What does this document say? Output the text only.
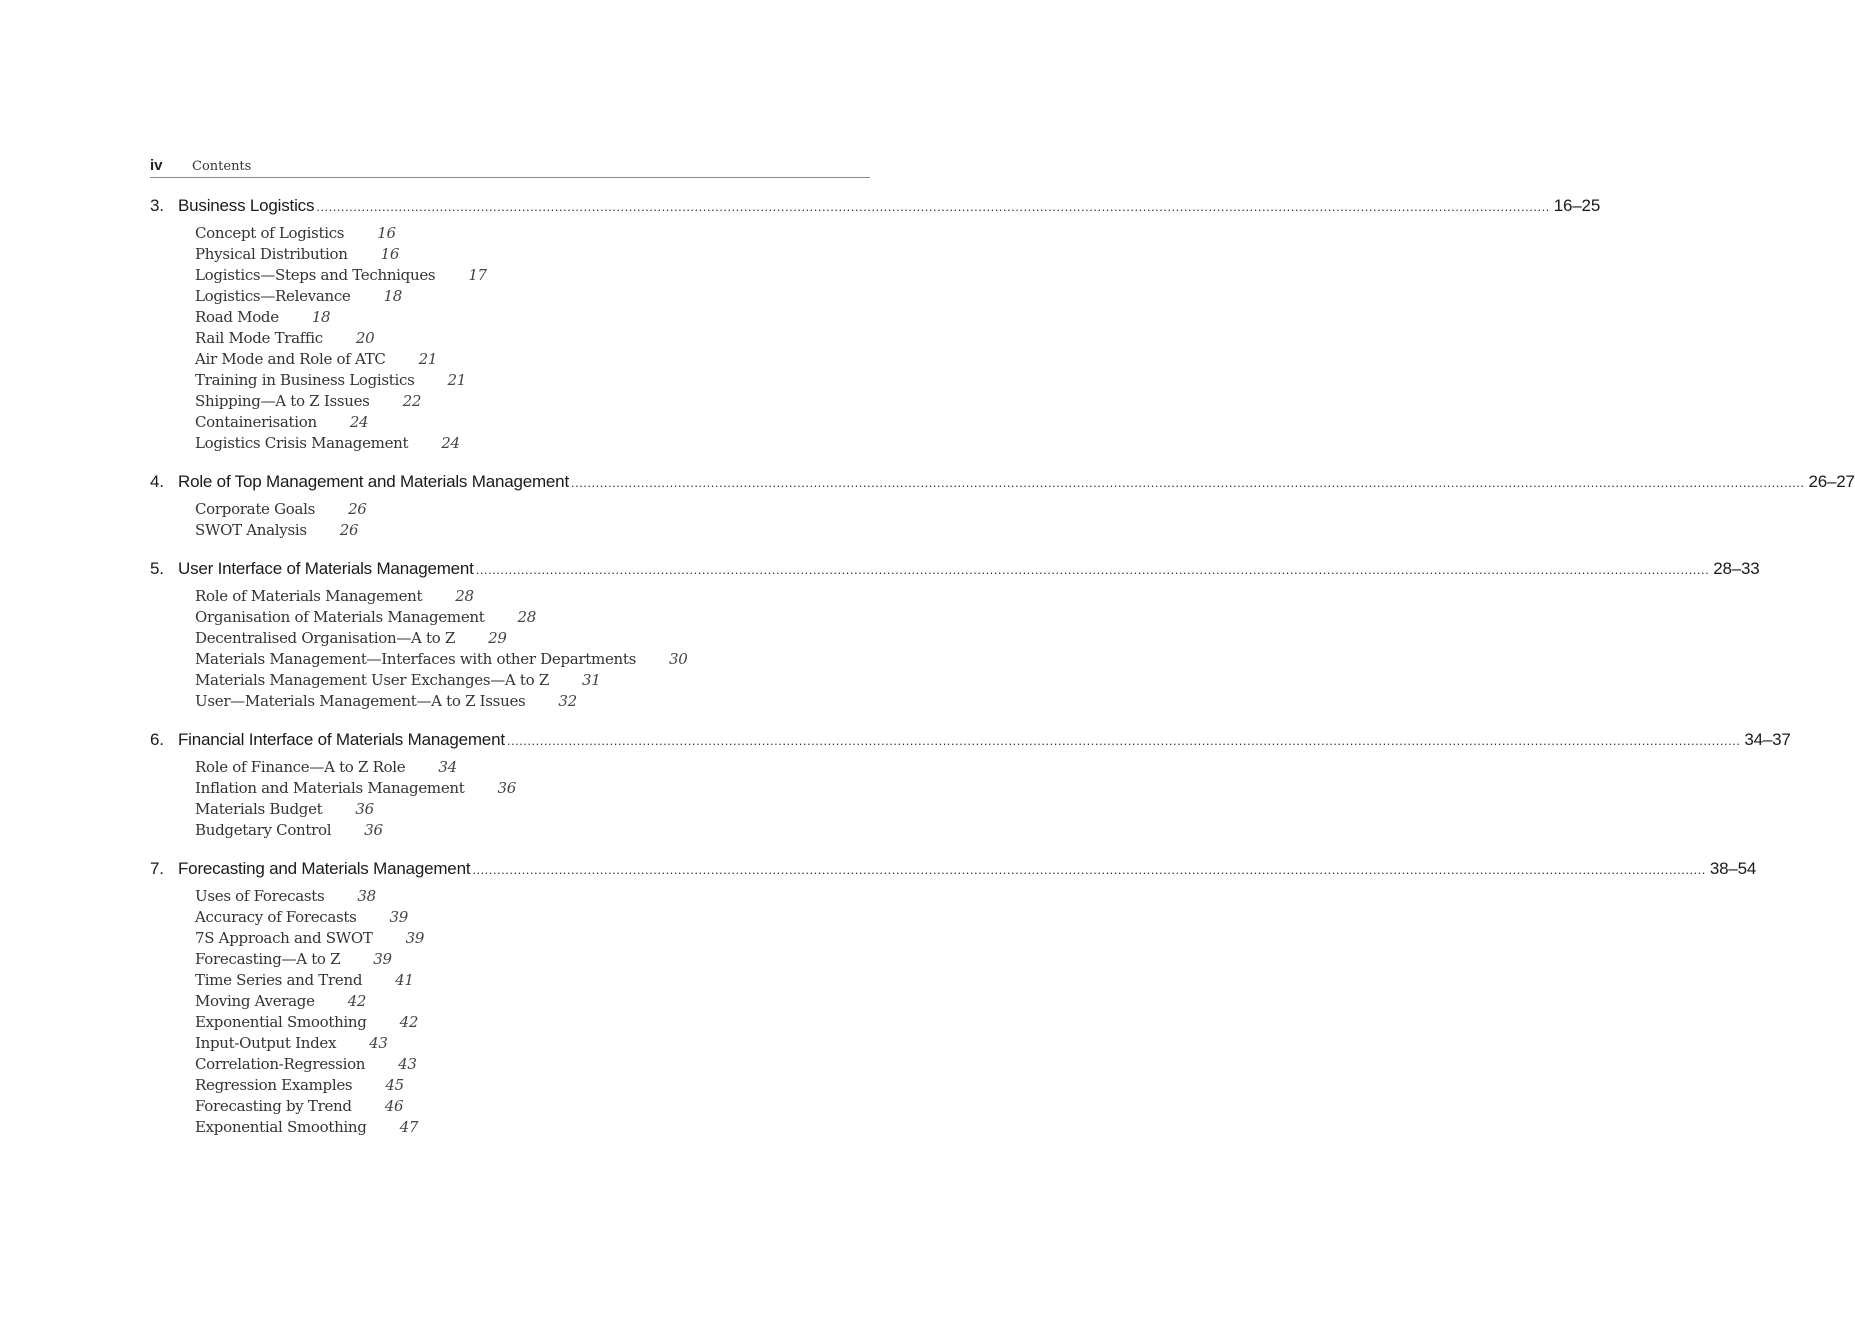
iv	Contents
3. Business Logistics ............................................................................................................................................................................................................................................................................................................ 16–25
Concept of Logistics 16
Physical Distribution 16
Logistics—Steps and Techniques 17
Logistics—Relevance 18
Road Mode 18
Rail Mode Traffic 20
Air Mode and Role of ATC 21
Training in Business Logistics 21
Shipping—A to Z Issues 22
Containerisation 24
Logistics Crisis Management 24
4. Role of Top Management and Materials Management ............................................................................................................................................................................................................................................................................................................ 26–27
Corporate Goals 26
SWOT Analysis 26
5. User Interface of Materials Management ............................................................................................................................................................................................................................................................................................................ 28–33
Role of Materials Management 28
Organisation of Materials Management 28
Decentralised Organisation—A to Z 29
Materials Management—Interfaces with other Departments 30
Materials Management User Exchanges—A to Z 31
User—Materials Management—A to Z Issues 32
6. Financial Interface of Materials Management ............................................................................................................................................................................................................................................................................................................ 34–37
Role of Finance—A to Z Role 34
Inflation and Materials Management 36
Materials Budget 36
Budgetary Control 36
7. Forecasting and Materials Management ............................................................................................................................................................................................................................................................................................................ 38–54
Uses of Forecasts 38
Accuracy of Forecasts 39
7S Approach and SWOT 39
Forecasting—A to Z 39
Time Series and Trend 41
Moving Average 42
Exponential Smoothing 42
Input-Output Index 43
Correlation-Regression 43
Regression Examples 45
Forecasting by Trend 46
Exponential Smoothing 47
